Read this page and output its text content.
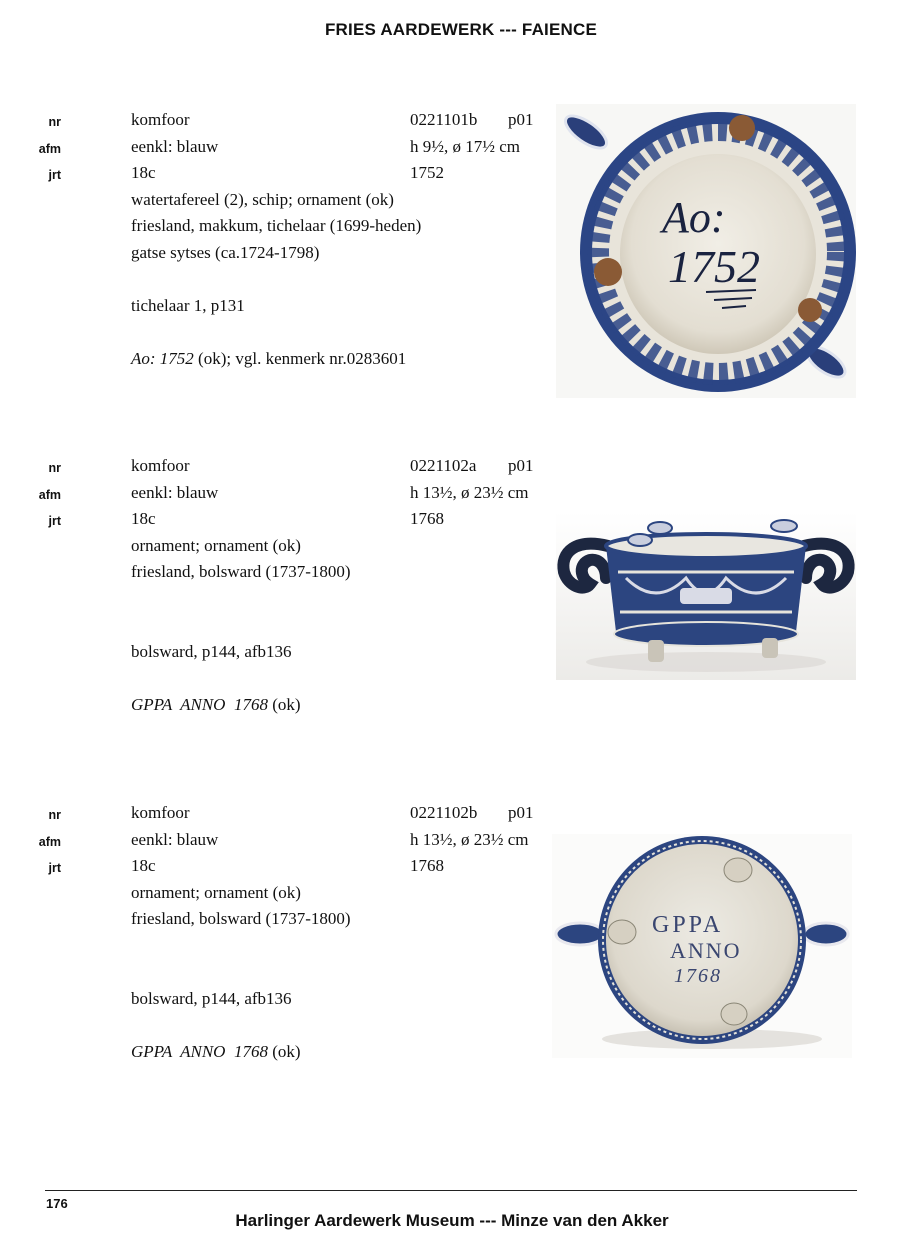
FRIES AARDEWERK --- FAIENCE
komfoor
nr	0221101b p01
eenkl: blauw
afm	h 9½, ø 17½ cm
18c
jrt	1752
watertafereel (2), schip; ornament (ok)
friesland, makkum, tichelaar (1699-heden)
gatse sytses (ca.1724-1798)
tichelaar 1, p131
Ao: 1752 (ok); vgl. kenmerk nr.0283601
Ao:
1752
komfoor
nr	0221102a p01
eenkl: blauw
afm	h 13½, ø 23½ cm
18c
jrt	1768
ornament; ornament (ok)
friesland, bolsward (1737-1800)
bolsward, p144, afb136
GPPA  ANNO  1768 (ok)
komfoor
nr	0221102b p01
eenkl: blauw
afm	h 13½, ø 23½ cm
18c
jrt	1768
ornament; ornament (ok)
friesland, bolsward (1737-1800)
bolsward, p144, afb136
GPPA  ANNO  1768 (ok)
GPPA
ANNO
1768
176
Harlinger Aardewerk Museum --- Minze van den Akker
